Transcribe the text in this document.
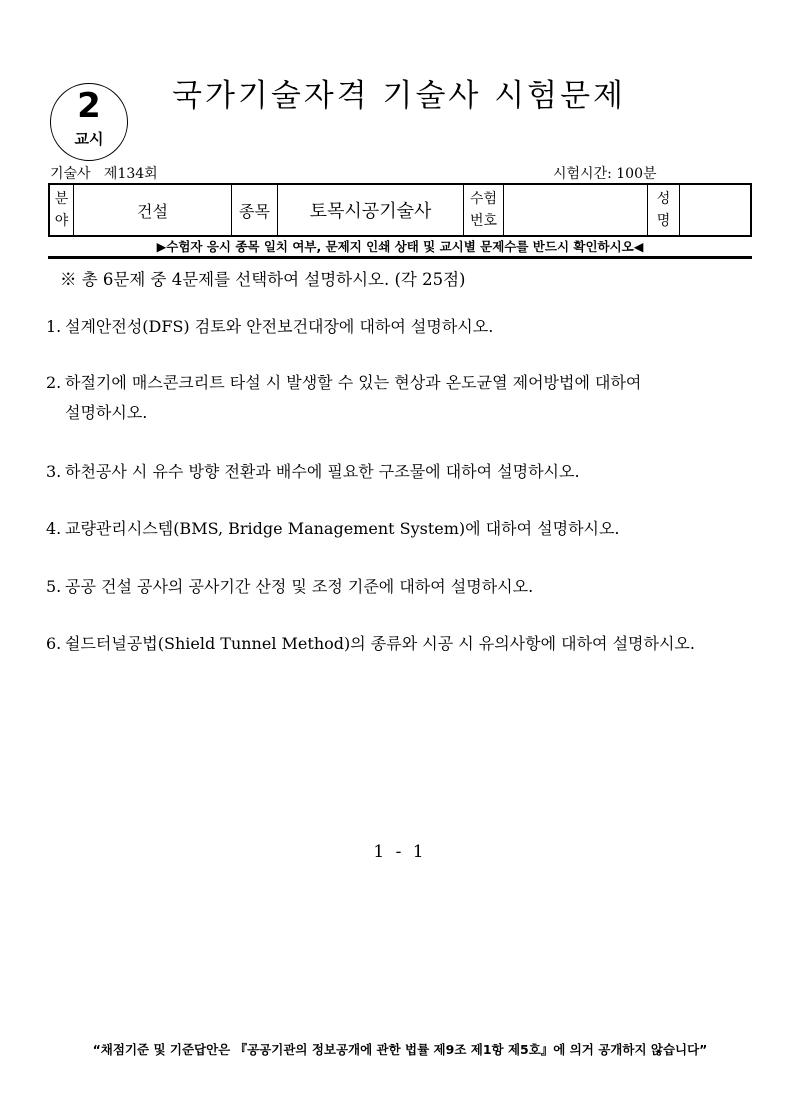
2
교시
국가기술자격 기술사 시험문제
기술사   제134회	시험시간: 100분
분
야
건설	종목 토목시공기술사
수험
번호
성
명
▶수험자 응시 종목 일치 여부, 문제지 인쇄 상태 및 교시별 문제수를 반드시 확인하시오◀
※ 총 6문제 중 4문제를 선택하여 설명하시오. (각 25점)
1. 설계안전성(DFS) 검토와 안전보건대장에 대하여 설명하시오.
2. 하절기에 매스콘크리트 타설 시 발생할 수 있는 현상과 온도균열 제어방법에 대하여
설명하시오.
3. 하천공사 시 유수 방향 전환과 배수에 필요한 구조물에 대하여 설명하시오.
4. 교량관리시스템(BMS, Bridge Management System)에 대하여 설명하시오.
5. 공공 건설 공사의 공사기간 산정 및 조정 기준에 대하여 설명하시오.
6. 쉴드터널공법(Shield Tunnel Method)의 종류와 시공 시 유의사항에 대하여 설명하시오.
1 - 1
“채점기준 및 기준답안은 『공공기관의 정보공개에 관한 법률 제9조 제1항 제5호』에 의거 공개하지 않습니다”
